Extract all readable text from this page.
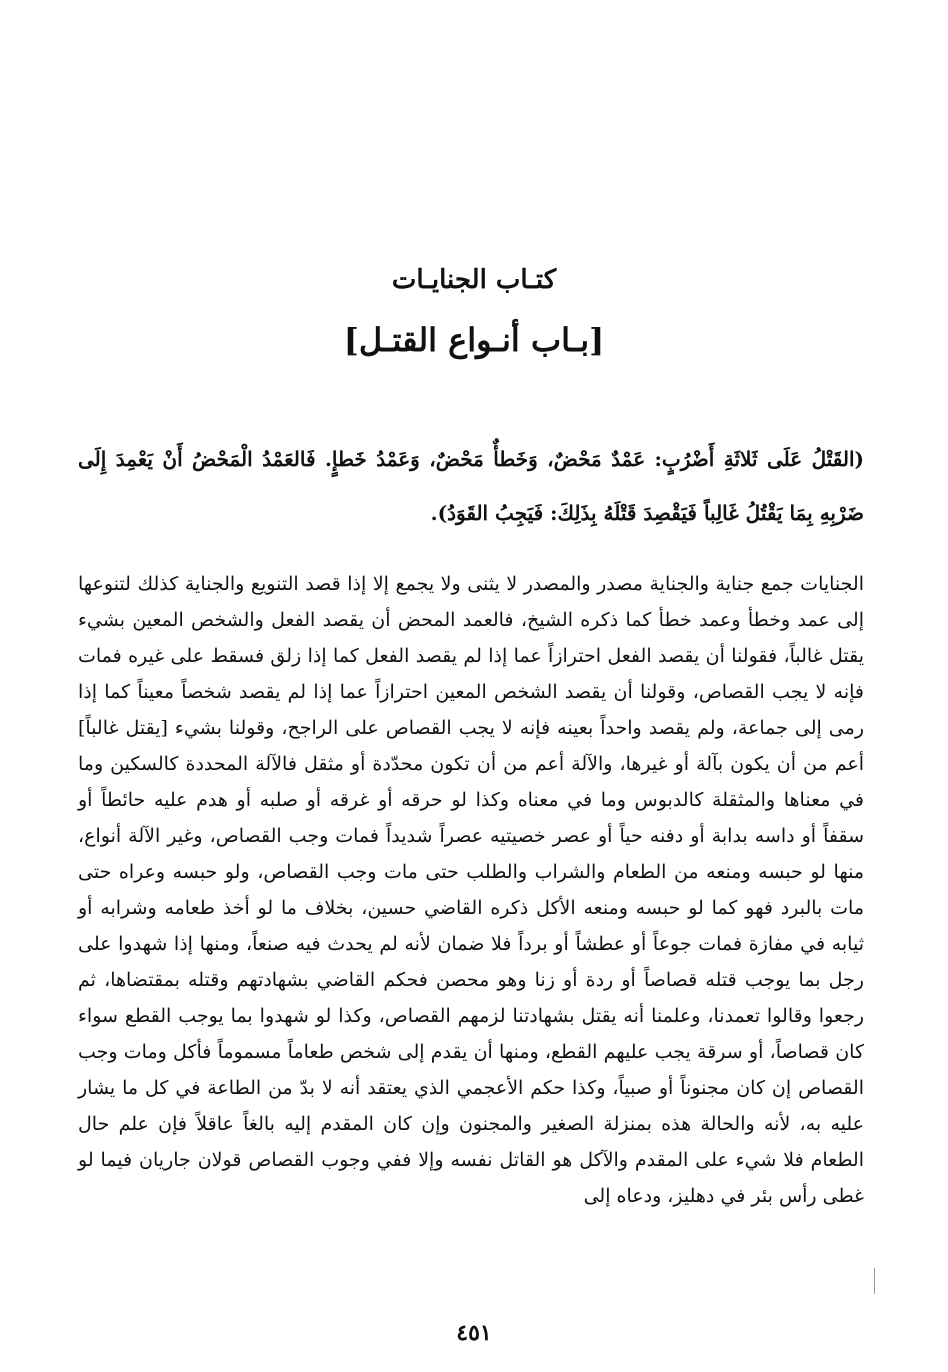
كتـاب الجنايـات
[بـاب أنـواع القتـل]
(القَتْلُ عَلَى ثَلاثَةِ أَضْرُبٍ: عَمْدٌ مَحْضٌ، وَخَطأٌ مَحْضٌ، وَعَمْدُ خَطإٍ. فَالعَمْدُ الْمَحْضُ أَنْ يَعْمِدَ إِلَى ضَرْبِهِ بِمَا يَقْتُلُ غَالِباً فَيَقْصِدَ قَتْلَهُ بِذَلِكَ: فَيَجِبُ القَوَدُ).
الجنايات جمع جناية والجناية مصدر والمصدر لا يثنى ولا يجمع إلا إذا قصد التنويع والجناية كذلك لتنوعها إلى عمد وخطأ وعمد خطأ كما ذكره الشيخ، فالعمد المحض أن يقصد الفعل والشخص المعين بشيء يقتل غالباً، فقولنا أن يقصد الفعل احترازاً عما إذا لم يقصد الفعل كما إذا زلق فسقط على غيره فمات فإنه لا يجب القصاص، وقولنا أن يقصد الشخص المعين احترازاً عما إذا لم يقصد شخصاً معيناً كما إذا رمى إلى جماعة، ولم يقصد واحداً بعينه فإنه لا يجب القصاص على الراجح، وقولنا بشيء [يقتل غالباً] أعم من أن يكون بآلة أو غيرها، والآلة أعم من أن تكون محدّدة أو مثقل فالآلة المحددة كالسكين وما في معناها والمثقلة كالدبوس وما في معناه وكذا لو حرقه أو غرقه أو صلبه أو هدم عليه حائطاً أو سقفاً أو داسه بدابة أو دفنه حياً أو عصر خصيتيه عصراً شديداً فمات وجب القصاص، وغير الآلة أنواع، منها لو حبسه ومنعه من الطعام والشراب والطلب حتى مات وجب القصاص، ولو حبسه وعراه حتى مات بالبرد فهو كما لو حبسه ومنعه الأكل ذكره القاضي حسين، بخلاف ما لو أخذ طعامه وشرابه أو ثيابه في مفازة فمات جوعاً أو عطشاً أو برداً فلا ضمان لأنه لم يحدث فيه صنعاً، ومنها إذا شهدوا على رجل بما يوجب قتله قصاصاً أو ردة أو زنا وهو محصن فحكم القاضي بشهادتهم وقتله بمقتضاها، ثم رجعوا وقالوا تعمدنا، وعلمنا أنه يقتل بشهادتنا لزمهم القصاص، وكذا لو شهدوا بما يوجب القطع سواء كان قصاصاً، أو سرقة يجب عليهم القطع، ومنها أن يقدم إلى شخص طعاماً مسموماً فأكل ومات وجب القصاص إن كان مجنوناً أو صبياً، وكذا حكم الأعجمي الذي يعتقد أنه لا بدّ من الطاعة في كل ما يشار عليه به، لأنه والحالة هذه بمنزلة الصغير والمجنون وإن كان المقدم إليه بالغاً عاقلاً فإن علم حال الطعام فلا شيء على المقدم والآكل هو القاتل نفسه وإلا ففي وجوب القصاص قولان جاريان فيما لو غطى رأس بئر في دهليز، ودعاه إلى
٤٥١
